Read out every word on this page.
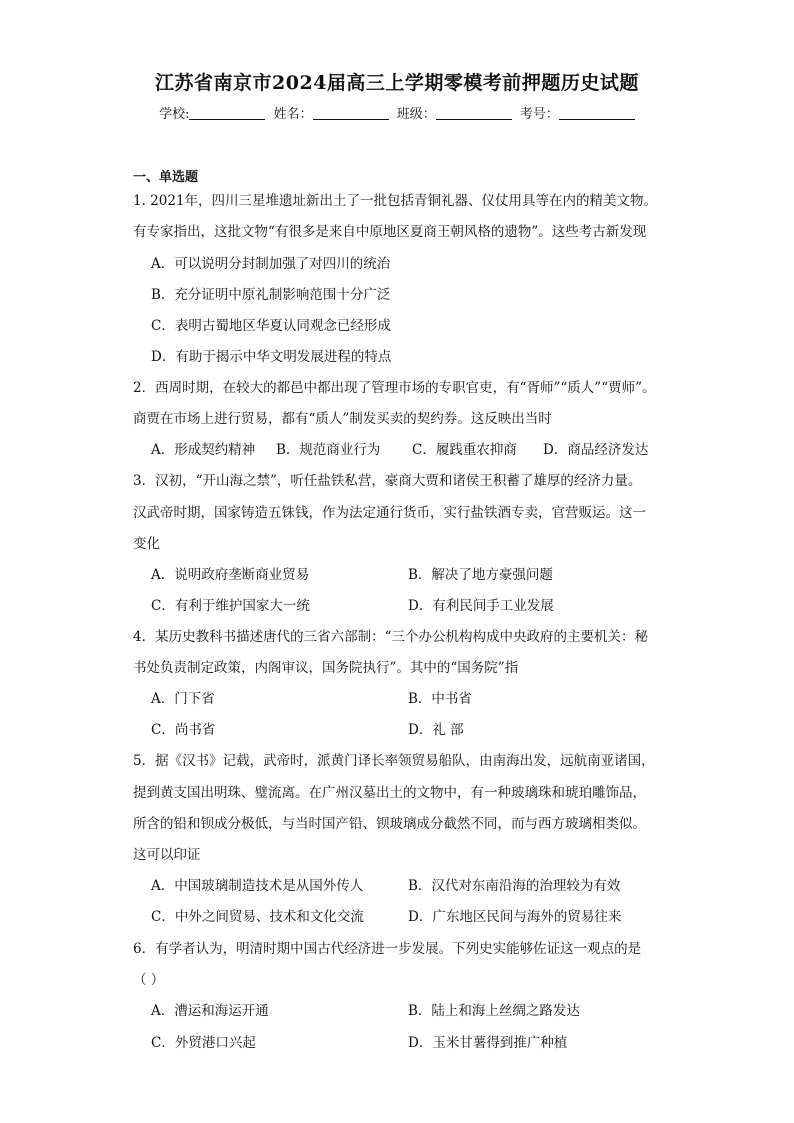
江苏省南京市2024届高三上学期零模考前押题历史试题
学校:	姓名：	班级：	考号：
一、单选题
1. 2021年，四川三星堆遗址新出土了一批包括青铜礼器、仪仗用具等在内的精美文物。
有专家指出，这批文物“有很多是来自中原地区夏商王朝风格的遗物”。这些考古新发现
A．可以说明分封制加强了对四川的统治
B．充分证明中原礼制影响范围十分广泛
C．表明古蜀地区华夏认同观念已经形成
D．有助于揭示中华文明发展进程的特点
2．西周时期，在较大的都邑中都出现了管理市场的专职官吏，有“胥师”“质人”“贾师”。
商贾在市场上进行贸易，都有“质人”制发买卖的契约券。这反映出当时
A．形成契约精神 B．规范商业行为 C．履践重农抑商 D．商品经济发达
3．汉初，“开山海之禁”，听任盐铁私营，豪商大贾和诸侯王积蓄了雄厚的经济力量。
汉武帝时期，国家铸造五铢钱，作为法定通行货币，实行盐铁酒专卖，官营贩运。这一
变化
A．说明政府垄断商业贸易	B．解决了地方豪强问题
C．有利于维护国家大一统	D．有利民间手工业发展
4．某历史教科书描述唐代的三省六部制：“三个办公机构构成中央政府的主要机关：秘
书处负责制定政策，内阁审议，国务院执行”。其中的“国务院”指
A．门下省	B．中书省
C．尚书省	D．礼 部
5．据《汉书》记载，武帝时，派黄门译长率领贸易船队，由南海出发，远航南亚诸国，
提到黄支国出明珠、璧流离。在广州汉墓出土的文物中，有一种玻璃珠和琥珀雕饰品，
所含的铅和钡成分极低，与当时国产铅、钡玻璃成分截然不同，而与西方玻璃相类似。
这可以印证
A．中国玻璃制造技术是从国外传人	B．汉代对东南沿海的治理较为有效
C．中外之间贸易、技术和文化交流	D．广东地区民间与海外的贸易往来
6．有学者认为，明清时期中国古代经济进一步发展。下列史实能够佐证这一观点的是
（ ）
A．漕运和海运开通	B．陆上和海上丝绸之路发达
C．外贸港口兴起	D．玉米甘薯得到推广种植
